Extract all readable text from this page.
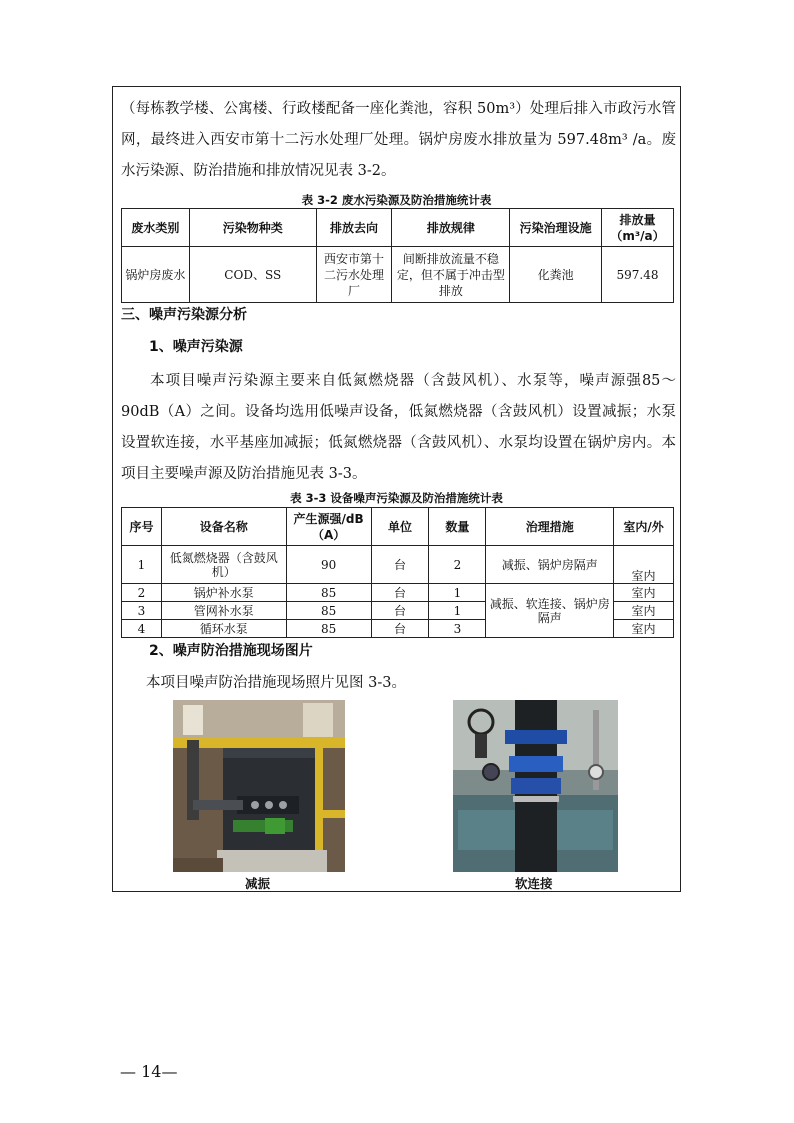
（每栋教学楼、公寓楼、行政楼配备一座化粪池，容积 50m³）处理后排入市政污水管网，最终进入西安市第十二污水处理厂处理。锅炉房废水排放量为 597.48m³ /a。废水污染源、防治措施和排放情况见表 3-2。

表 3-2 废水污染源及防治措施统计表
废水类别	污染物种类	排放去向	排放规律	污染治理设施	排放量（m³/a）
锅炉房废水	COD、SS	西安市第十二污水处理厂	间断排放流量不稳定，但不属于冲击型排放	化粪池	597.48
三、噪声污染源分析
1、噪声污染源

本项目噪声污染源主要来自低氮燃烧器（含鼓风机）、水泵等，噪声源强85～90dB（A）之间。设备均选用低噪声设备，低氮燃烧器（含鼓风机）设置减振；水泵设置软连接，水平基座加减振；低氮燃烧器（含鼓风机）、水泵均设置在锅炉房内。本项目主要噪声源及防治措施见表 3-3。

表 3-3 设备噪声污染源及防治措施统计表
序号	设备名称	产生源强/dB（A）	单位	数量	治理措施	室内/外
1	低氮燃烧器（含鼓风机）	90	台	2	减振、锅炉房隔声	室内
2	锅炉补水泵	85	台	1	减振、软连接、锅炉房隔声	室内
3	管网补水泵	85	台	1		室内
4	循环水泵	85	台	3		室内
2、噪声防治措施现场图片
本项目噪声防治措施现场照片见图 3-3。
减振	软连接
— 14—
